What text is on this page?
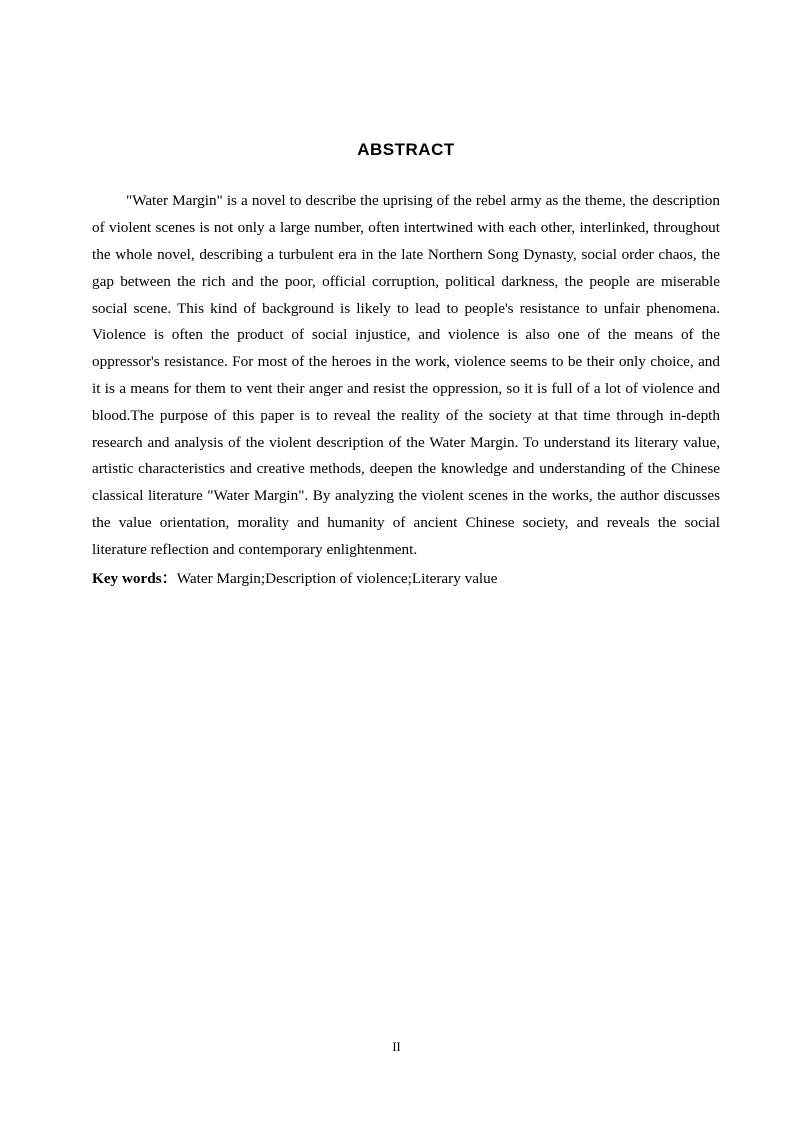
ABSTRACT

"Water Margin" is a novel to describe the uprising of the rebel army as the theme, the description of violent scenes is not only a large number, often intertwined with each other, interlinked, throughout the whole novel, describing a turbulent era in the late Northern Song Dynasty, social order chaos, the gap between the rich and the poor, official corruption, political darkness, the people are miserable social scene. This kind of background is likely to lead to people's resistance to unfair phenomena. Violence is often the product of social injustice, and violence is also one of the means of the oppressor's resistance. For most of the heroes in the work, violence seems to be their only choice, and it is a means for them to vent their anger and resist the oppression, so it is full of a lot of violence and blood.The purpose of this paper is to reveal the reality of the society at that time through in-depth research and analysis of the violent description of the Water Margin. To understand its literary value, artistic characteristics and creative methods, deepen the knowledge and understanding of the Chinese classical literature "Water Margin". By analyzing the violent scenes in the works, the author discusses the value orientation, morality and humanity of ancient Chinese society, and reveals the social literature reflection and contemporary enlightenment.

Key words：Water Margin;Description of violence;Literary value

II
